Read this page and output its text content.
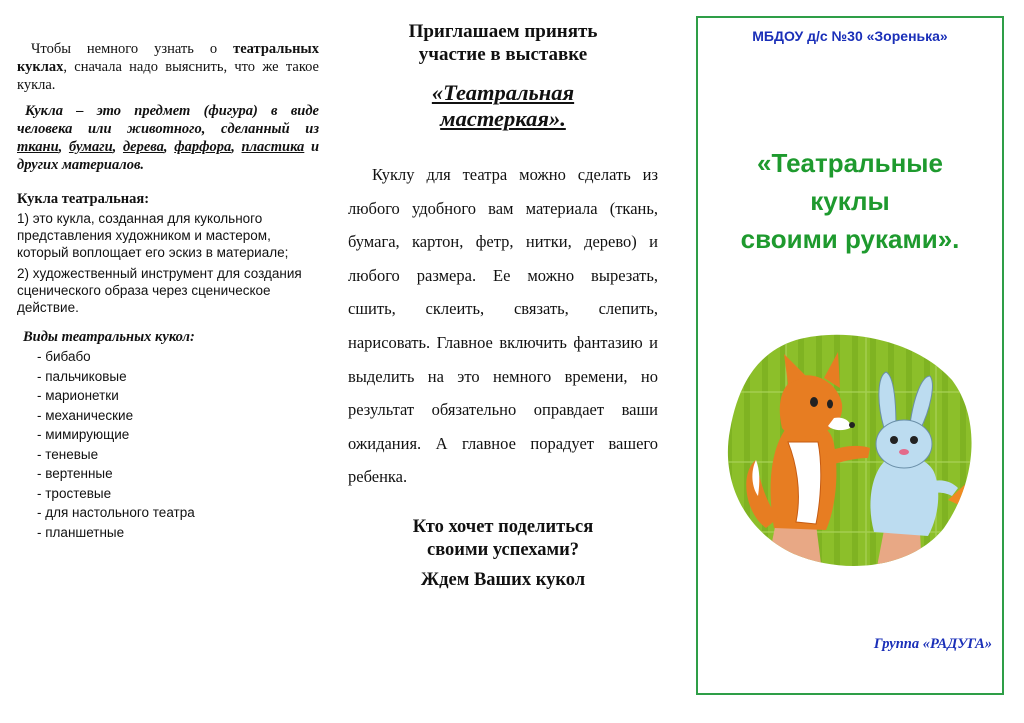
Чтобы немного узнать о театральных куклах, сначала надо выяснить, что же такое кукла.

Кукла – это предмет (фигура) в виде человека или животного, сделанный из ткани, бумаги, дерева, фарфора, пластика и других материалов.

Кукла театральная:

1) это кукла, созданная для кукольного представления художником и мастером, который воплощает его эскиз в материале;

2) художественный инструмент для создания сценического образа через сценическое действие.

Виды театральных кукол:

- бибабо
- пальчиковые
- марионетки
- механические
- мимирующие
- теневые
- вертенные
- тростевые
- для настольного театра
- планшетные

Приглашаем принять
участие в выставке

«Театральная
мастеркая».

Куклу для театра можно сделать из любого удобного вам материала (ткань, бумага, картон, фетр, нитки, дерево) и любого размера. Ее можно вырезать, сшить, склеить, связать, слепить, нарисовать. Главное включить фантазию и выделить на это немного времени, но результат обязательно оправдает ваши ожидания. А главное порадует вашего ребенка.

Кто хочет поделиться
своими успехами?

Ждем Ваших кукол

МБДОУ д/с №30 «Зоренька»
«Театральные
куклы
своими руками».
Группа «РАДУГА»
